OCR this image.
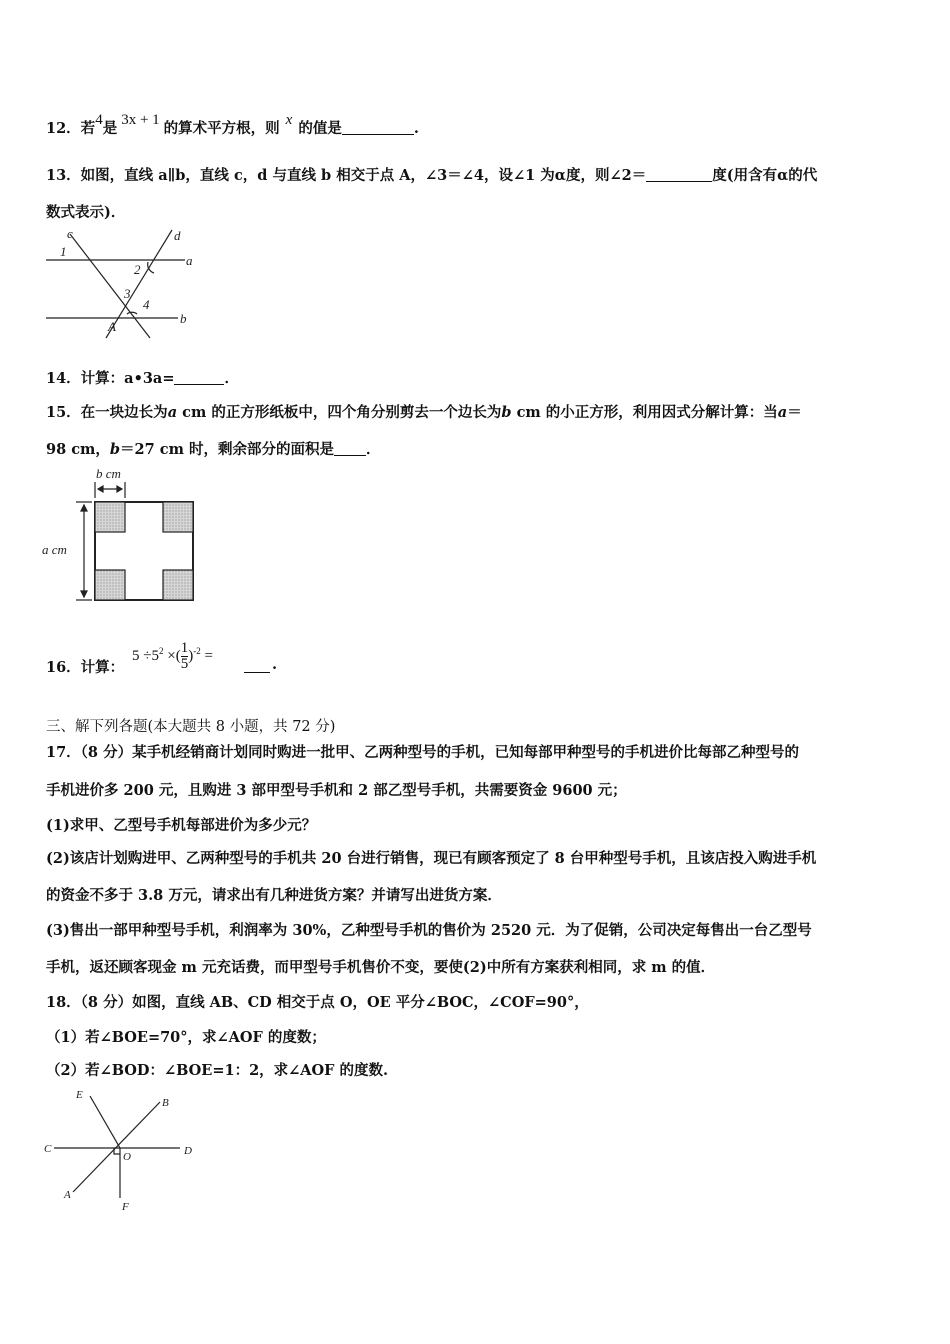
12．若4是 3x + 1 的算术平方根，则 x 的值是	.
13．如图，直线 a∥b，直线 c，d 与直线 b 相交于点 A，∠3＝∠4，设∠1 为α度，则∠2＝	度(用含有α的代
数式表示)．
c	d
a
b
1
2
3
4
A
14．计算：a•3a=	．
15．在一块边长为a cm 的正方形纸板中，四个角分别剪去一个边长为b cm 的小正方形，利用因式分解计算：当a＝
98 cm，b＝27 cm 时，剩余部分的面积是 ．
b cm
a cm
16．计算：
$5 \div 5^2$ ×( $\frac{1}{5} )^{-2}$ =
.
三、解下列各题(本大题共 8 小题，共 72 分)
17．（8 分）某手机经销商计划同时购进一批甲、乙两种型号的手机，已知每部甲种型号的手机进价比每部乙种型号的
手机进价多 200 元，且购进 3 部甲型号手机和 2 部乙型号手机，共需要资金 9600 元；
(1)求甲、乙型号手机每部进价为多少元？
(2)该店计划购进甲、乙两种型号的手机共 20 台进行销售，现已有顾客预定了 8 台甲种型号手机，且该店投入购进手机
的资金不多于 3.8 万元，请求出有几种进货方案？并请写出进货方案．
(3)售出一部甲种型号手机，利润率为 30%，乙种型号手机的售价为 2520 元．为了促销，公司决定每售出一台乙型号
手机，返还顾客现金 m 元充话费，而甲型号手机售价不变，要使(2)中所有方案获利相同，求 m 的值．
18．（8 分）如图，直线 AB、CD 相交于点 O，OE 平分∠BOC，∠COF=90°，
（1）若∠BOE=70°，求∠AOF 的度数；
（2）若∠BOD：∠BOE=1：2，求∠AOF 的度数.
E
B
C
O	D
A
F
